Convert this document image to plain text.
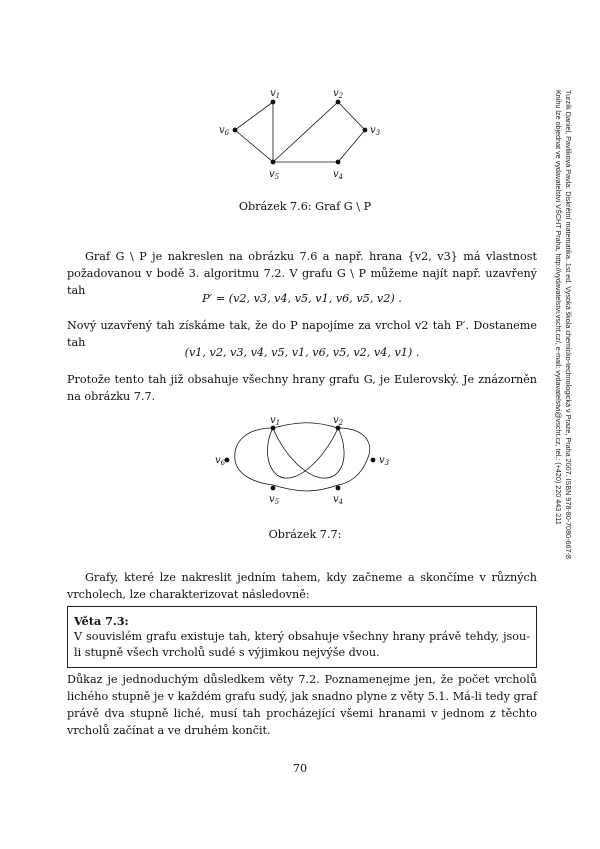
$v_1$	$v_2$
$v_3$
$v_4$
$v_5$
$v_6$
Obrázek 7.6: Graf G \ P
Graf G \ P je nakreslen na obrázku 7.6 a např. hrana {v2, v3} má vlastnost požadovanou v bodě 3. algoritmu 7.2. V grafu G \ P můžeme najít např. uzavřený tah
P′ = (v2, v3, v4, v5, v1, v6, v5, v2) .
Nový uzavřený tah získáme tak, že do P napojíme za vrchol v2 tah P′. Dostaneme tah
(v1, v2, v3, v4, v5, v1, v6, v5, v2, v4, v1) .
Protože tento tah již obsahuje všechny hrany grafu G, je Eulerovský. Je znázorněn na obrázku 7.7.
$v_1$	$v_2$
$v_3$
$v_4$
$v_5$
$v_6$
Obrázek 7.7:
Grafy, které lze nakreslit jedním tahem, kdy začneme a skončíme v různých vrcholech, lze charakterizovat následovně:
Věta 7.3:
V souvislém grafu existuje tah, který obsahuje všechny hrany právě tehdy, jsou-li stupně všech vrcholů sudé s výjimkou nejvýše dvou.
Důkaz je jednoduchým důsledkem věty 7.2. Poznamenejme jen, že počet vrcholů lichého stupně je v každém grafu sudý, jak snadno plyne z věty 5.1. Má-li tedy graf právě dva stupně liché, musí tah procházející všemi hranami v jednom z těchto vrcholů začínat a ve druhém končit.
70
Turzík Daniel, Pavlíková Pavla: Diskrétní matematika. 1st ed. Vysoká škola chemicko-technologická v Praze, Praha 2007. ISBN 978-80-7080-667-8
Knihu lze objednat ve vydavatelství VŠCHT Praha, http://vydavatelstvi.vscht.cz/, e-mail: vydavatelstvi@vscht.cz, tel.: (+420) 220 443 211
